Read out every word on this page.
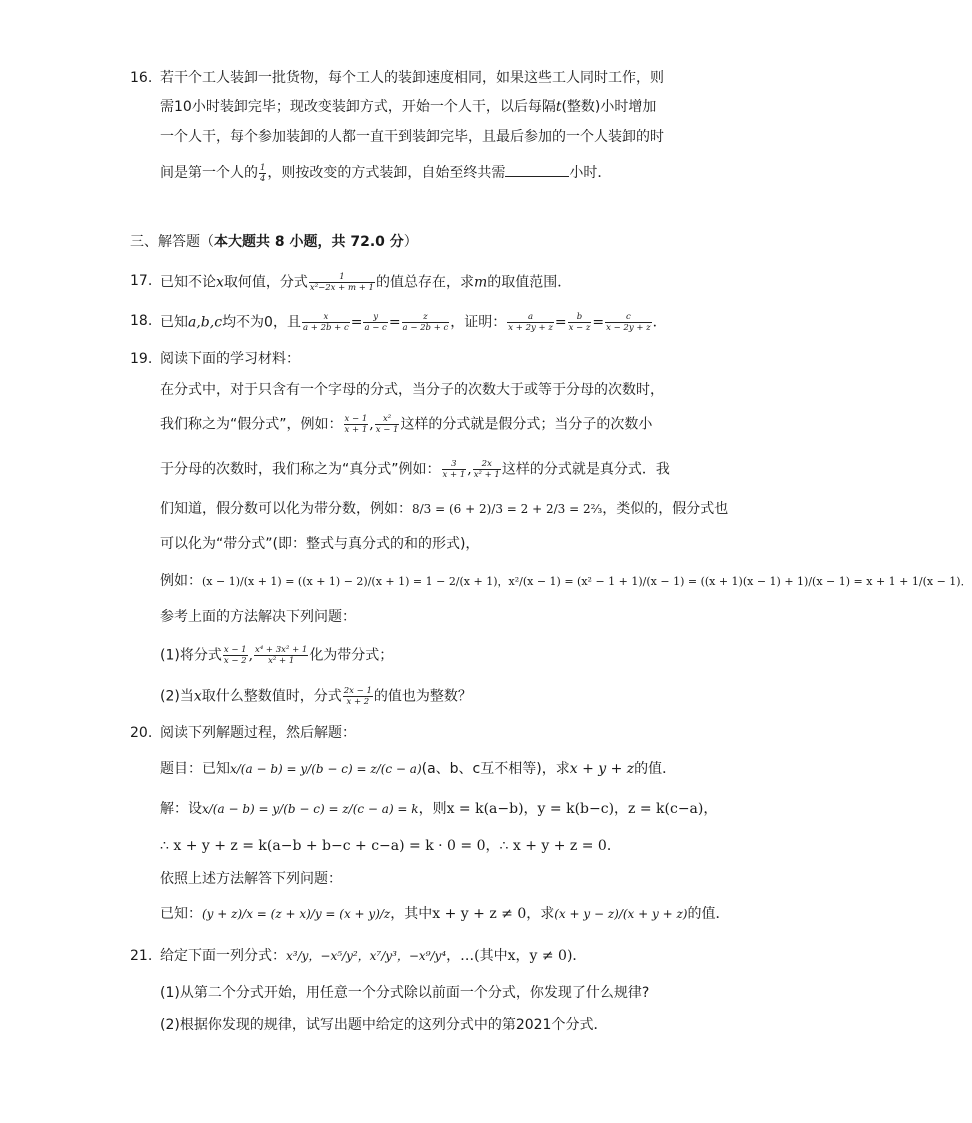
16. 若干个工人装卸一批货物，每个工人的装卸速度相同，如果这些工人同时工作，则
需10小时装卸完毕；现改变装卸方式，开始一个人干，以后每隔t(整数)小时增加
一个人干，每个参加装卸的人都一直干到装卸完毕，且最后参加的一个人装卸的时
间是第一个人的 $\frac{1}{4}$ ，则按改变的方式装卸，自始至终共需	小时．
三、解答题（本大题共 8 小题，共 72.0 分）
17. 已知不论x取何值，分式 $\frac{1}{\text{x²−2x + m + 1}}$ 的值总存在，求m的取值范围．
18. 已知a,b,c均不为0，且 $\frac{x}{a + 2b + c} = \frac{y}{a - c} = \frac{z}{a - 2b + c}$ ，证明： $\frac{a}{x + 2y + z} = \frac{b}{x - z} = \frac{c}{x - 2y + z}$ ．
19. 阅读下面的学习材料：
在分式中，对于只含有一个字母的分式，当分子的次数大于或等于分母的次数时，
我们称之为“假分式”，例如： $\frac{x - 1}{x + 1}$ , $\frac{\text{x²}}{x - 1}$ 这样的分式就是假分式；当分子的次数小
于分母的次数时，我们称之为“真分式”例如： $\frac{3}{x + 1}$ , $\frac{2x}{\text{x² + 1}}$ 这样的分式就是真分式．我
们知道，假分数可以化为带分数，例如：8/3 = (6 + 2)/3 = 2 + 2/3 = 2⅔，类似的，假分式也
可以化为“带分式”(即：整式与真分式的和的形式)，
例如：(x − 1)/(x + 1) = ((x + 1) − 2)/(x + 1) = 1 − 2/(x + 1)，x²/(x − 1) = (x² − 1 + 1)/(x − 1) = ((x + 1)(x − 1) + 1)/(x − 1) = x + 1 + 1/(x − 1)．
参考上面的方法解决下列问题：
(1)将分式 $\frac{x - 1}{x - 2}$ , $\frac{\text{x⁴ + 3x² + 1}}{\text{x² + 1}}$ 化为带分式；
(2)当x取什么整数值时，分式 $\frac{2x - 1}{x + 2}$ 的值也为整数？
20. 阅读下列解题过程，然后解题：
题目：已知x/(a − b) = y/(b − c) = z/(c − a)(a、b、c互不相等)，求x + y + z的值．
解：设x/(a − b) = y/(b − c) = z/(c − a) = k，则x = k(a−b)，y = k(b−c)，z = k(c−a)，
∴ x + y + z = k(a−b + b−c + c−a) = k · 0 = 0，∴ x + y + z = 0．
依照上述方法解答下列问题：
已知：(y + z)/x = (z + x)/y = (x + y)/z，其中x + y + z ≠ 0，求(x + y − z)/(x + y + z)的值．
21. 给定下面一列分式：x³/y，−x⁵/y²，x⁷/y³，−x⁹/y⁴，…(其中x，y ≠ 0)．
(1)从第二个分式开始，用任意一个分式除以前面一个分式，你发现了什么规律?
(2)根据你发现的规律，试写出题中给定的这列分式中的第2021个分式．
